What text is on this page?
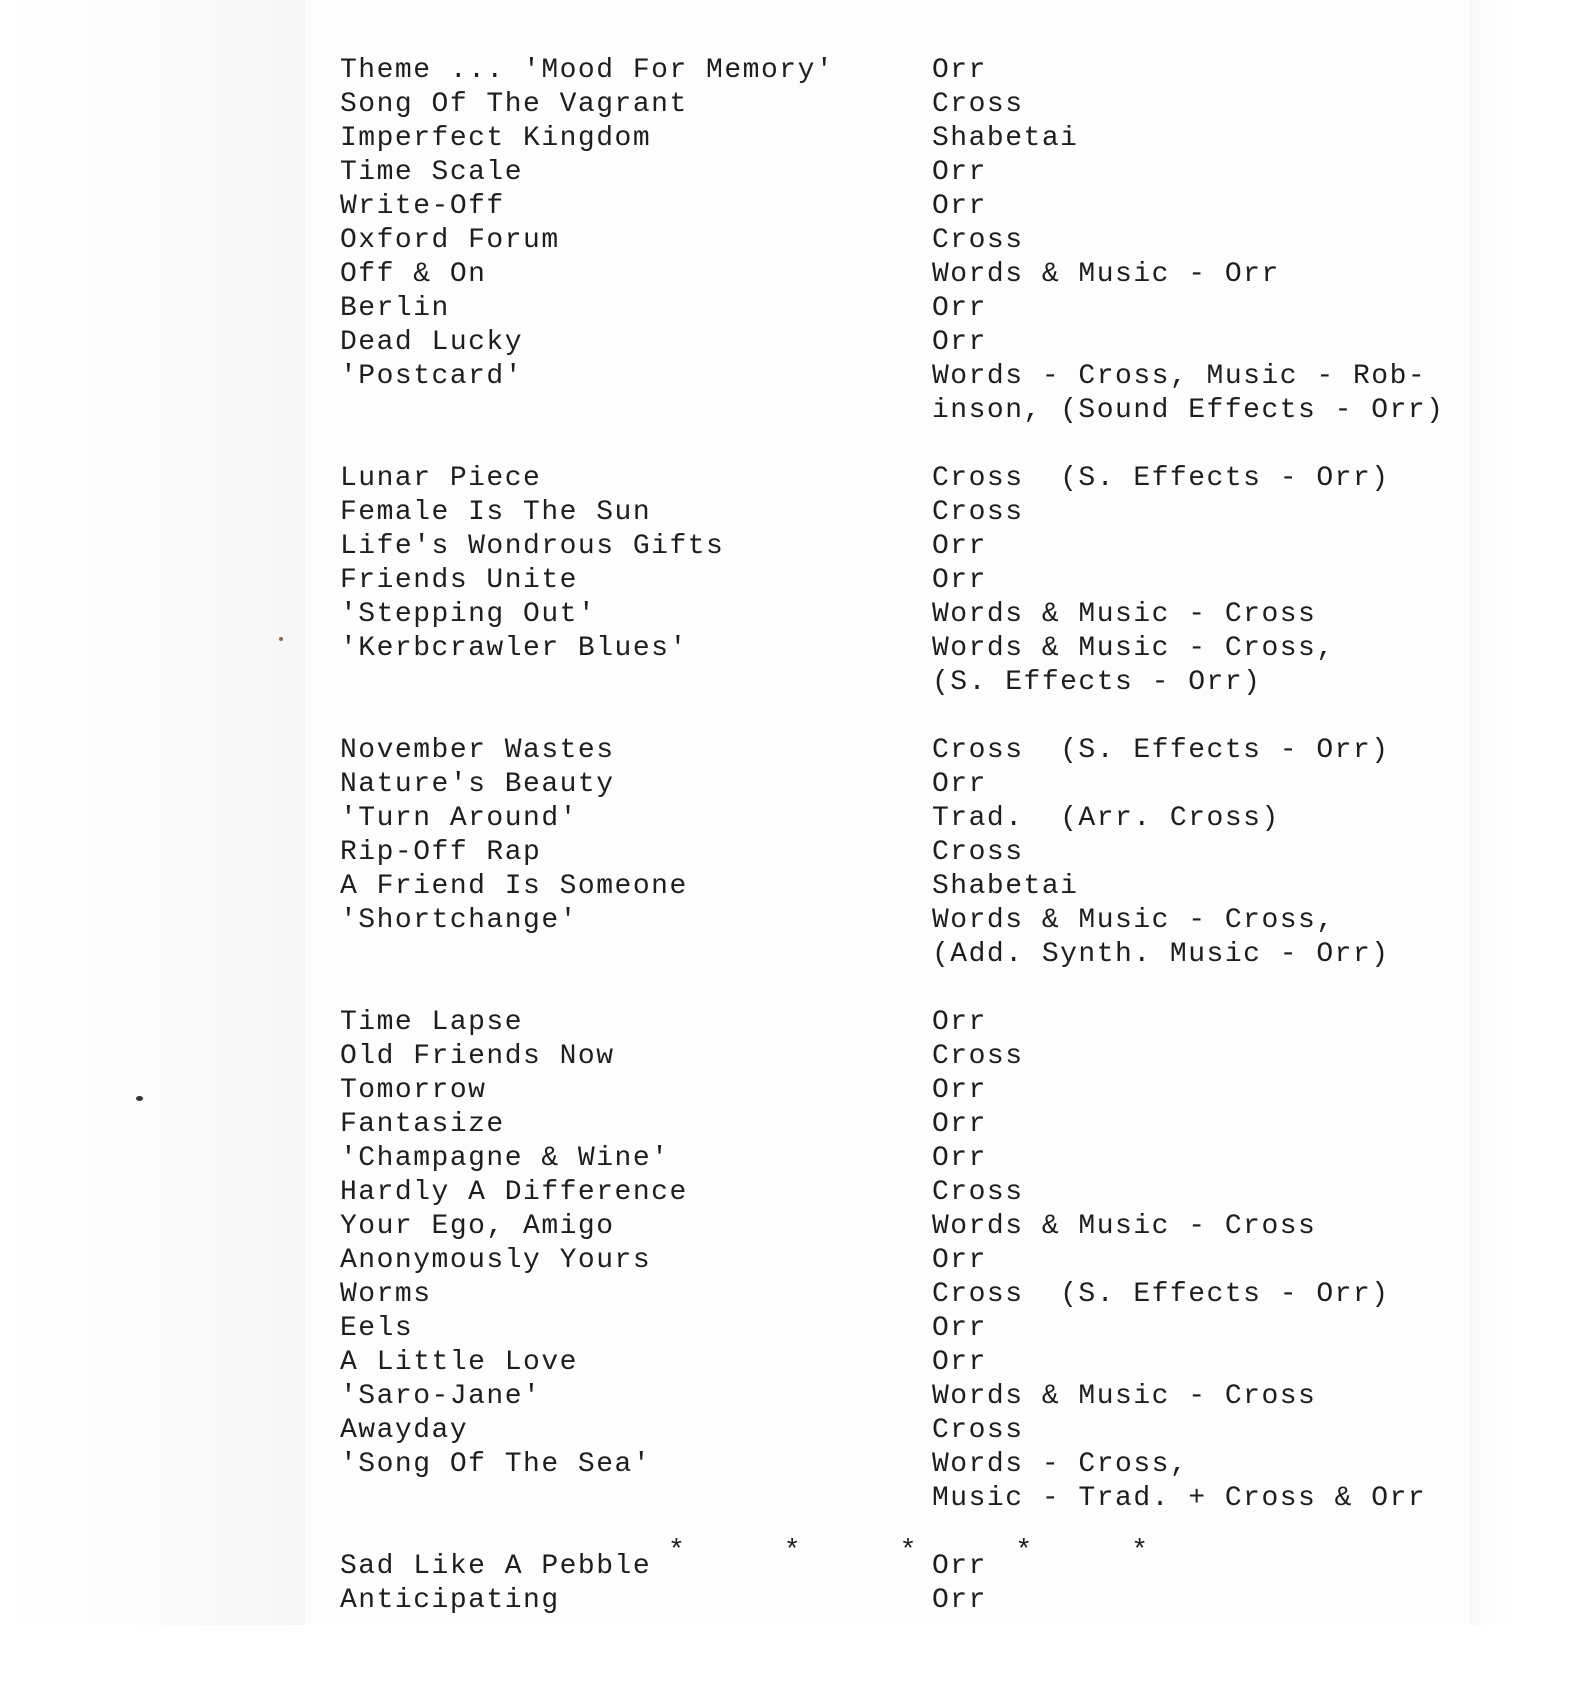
Theme ... 'Mood For Memory'	Orr
Song Of The Vagrant	Cross
Imperfect Kingdom	Shabetai
Time Scale	Orr
Write-Off	Orr
Oxford Forum	Cross
Off & On	Words & Music - Orr
Berlin	Orr
Dead Lucky	Orr
'Postcard'	Words - Cross, Music - Rob-
inson, (Sound Effects - Orr)
Lunar Piece	Cross  (S. Effects - Orr)
Female Is The Sun	Cross
Life's Wondrous Gifts	Orr
Friends Unite	Orr
'Stepping Out'	Words & Music - Cross
'Kerbcrawler Blues'	Words & Music - Cross,
(S. Effects - Orr)
November Wastes	Cross  (S. Effects - Orr)
Nature's Beauty	Orr
'Turn Around'	Trad.  (Arr. Cross)
Rip-Off Rap	Cross
A Friend Is Someone	Shabetai
'Shortchange'	Words & Music - Cross,
(Add. Synth. Music - Orr)
Time Lapse	Orr
Old Friends Now	Cross
Tomorrow	Orr
Fantasize	Orr
'Champagne & Wine'	Orr
Hardly A Difference	Cross
Your Ego, Amigo	Words & Music - Cross
Anonymously Yours	Orr
Worms	Cross  (S. Effects - Orr)
Eels	Orr
A Little Love	Orr
'Saro-Jane'	Words & Music - Cross
Awayday	Cross
'Song Of The Sea'	Words - Cross,
Music - Trad. + Cross & Orr
Sad Like A Pebble	Orr
Anticipating	Orr
*	*	*	*	*
